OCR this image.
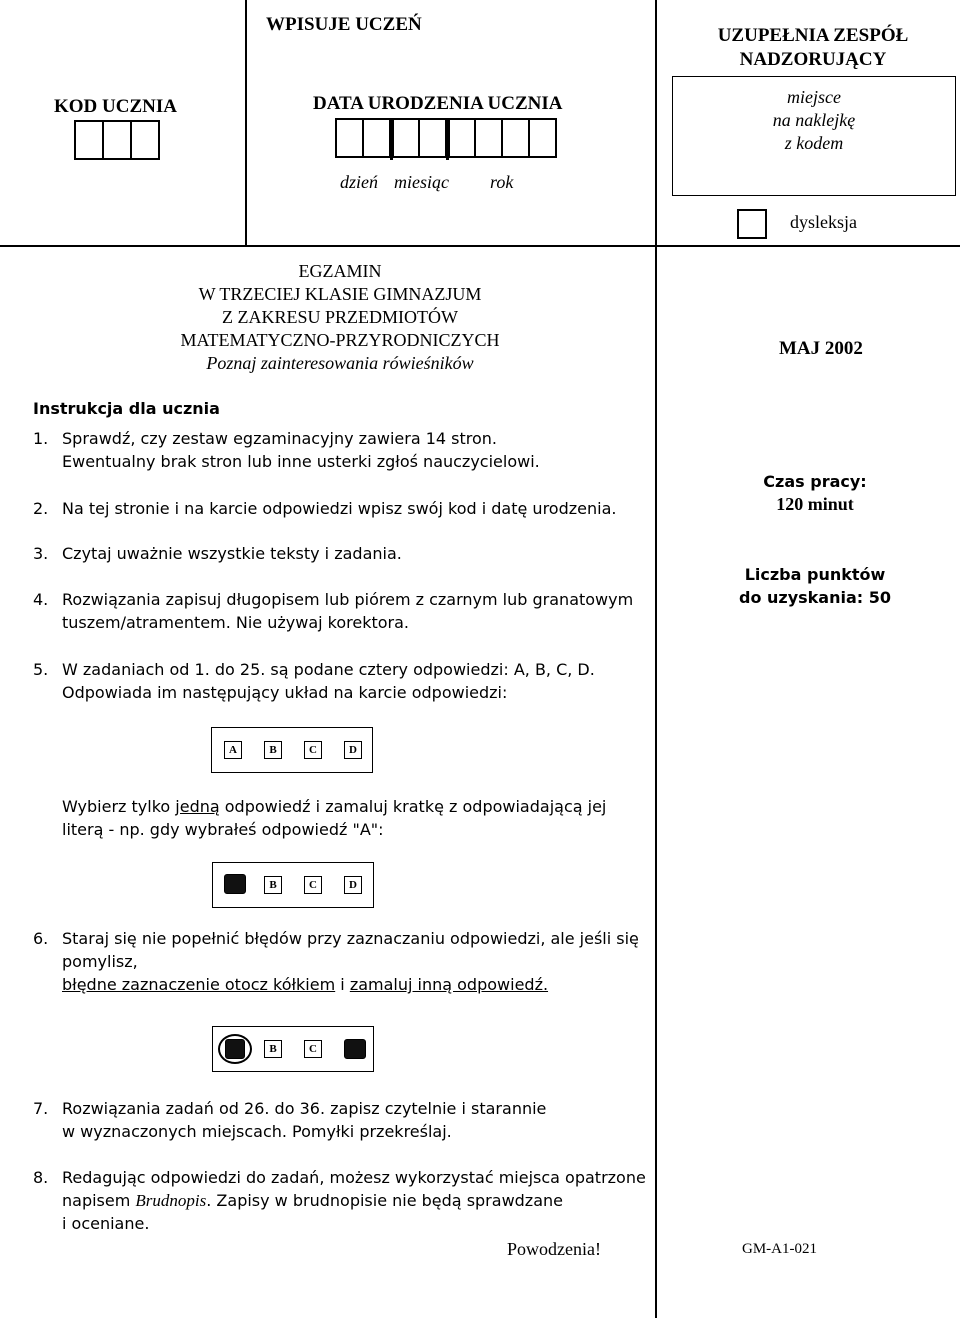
WPISUJE UCZEŃ
KOD UCZNIA	DATA URODZENIA UCZNIA
dzień miesiąc rok
UZUPEŁNIA ZESPÓŁ
NADZORUJĄCY
miejsce
na naklejkę
z kodem
dysleksja
EGZAMIN
W TRZECIEJ KLASIE GIMNAZJUM
Z ZAKRESU PRZEDMIOTÓW
MATEMATYCZNO-PRZYRODNICZYCH
Poznaj zainteresowania rówieśników
MAJ 2002
Czas pracy:
120 minut
Liczba punktów
do uzyskania: 50
Instrukcja dla ucznia
1. Sprawdź, czy zestaw egzaminacyjny zawiera 14 stron.
Ewentualny brak stron lub inne usterki zgłoś nauczycielowi.
2. Na tej stronie i na karcie odpowiedzi wpisz swój kod i datę urodzenia.
3. Czytaj uważnie wszystkie teksty i zadania.
4. Rozwiązania zapisuj długopisem lub piórem z czarnym lub granatowym
tuszem/atramentem. Nie używaj korektora.
5. W zadaniach od 1. do 25. są podane cztery odpowiedzi: A, B, C, D.
Odpowiada im następujący układ na karcie odpowiedzi:
Wybierz tylko jedną odpowiedź i zamaluj kratkę z odpowiadającą jej
literą - np. gdy wybrałeś odpowiedź "A":
A	B	C	D
B	C	D
6. Staraj się nie popełnić błędów przy zaznaczaniu odpowiedzi, ale jeśli się
pomylisz,
błędne zaznaczenie otocz kółkiem i zamaluj inną odpowiedź.
B	C
7. Rozwiązania zadań od 26. do 36. zapisz czytelnie i starannie
w wyznaczonych miejscach. Pomyłki przekreślaj.
8. Redagując odpowiedzi do zadań, możesz wykorzystać miejsca opatrzone
napisem Brudnopis. Zapisy w brudnopisie nie będą sprawdzane
i oceniane.
Powodzenia!	GM-A1-021
